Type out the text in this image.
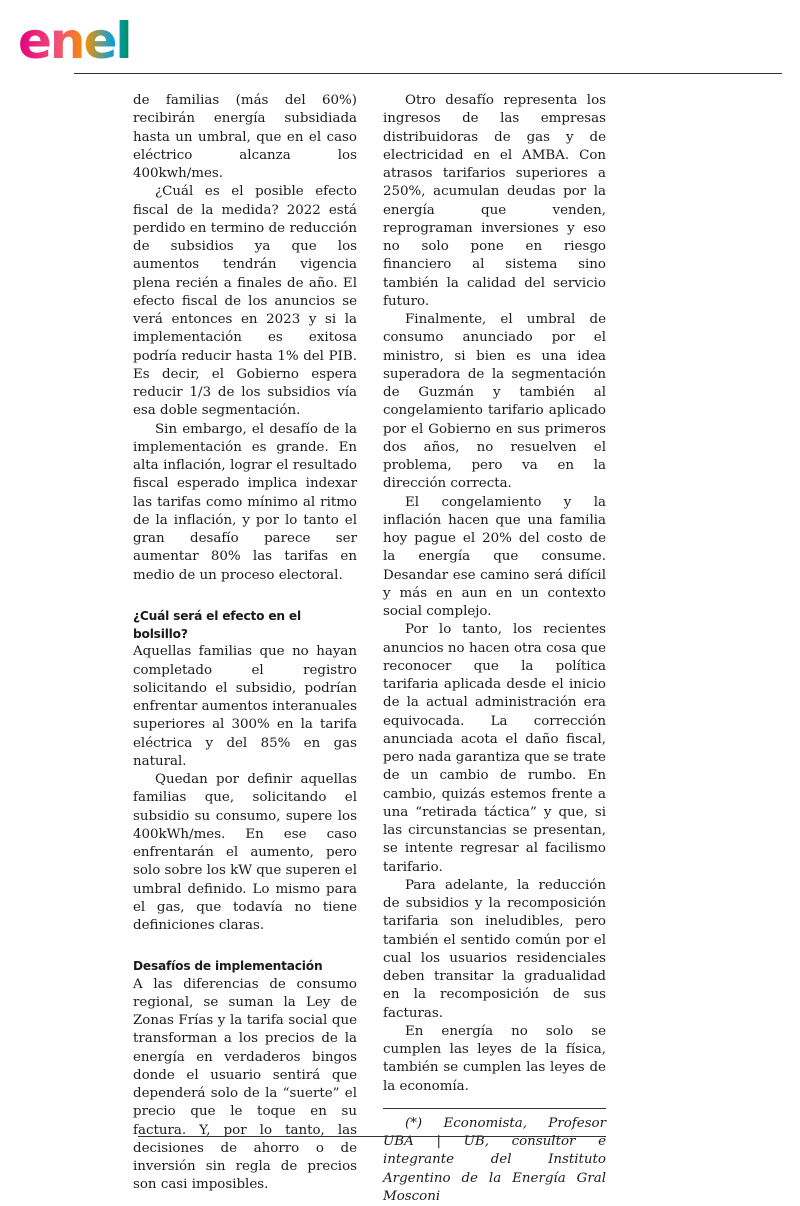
enel

de familias (más del 60%) recibirán energía subsidiada hasta un umbral, que en el caso eléctrico alcanza los 400kwh/mes.

¿Cuál es el posible efecto fiscal de la medida? 2022 está perdido en termino de reducción de subsidios ya que los aumentos tendrán vigencia plena recién a finales de año. El efecto fiscal de los anuncios se verá entonces en 2023 y si la implementación es exitosa podría reducir hasta 1% del PIB. Es decir, el Gobierno espera reducir 1/3 de los subsidios vía esa doble segmentación.

Sin embargo, el desafío de la implementación es grande. En alta inflación, lograr el resultado fiscal esperado implica indexar las tarifas como mínimo al ritmo de la inflación, y por lo tanto el gran desafío parece ser aumentar 80% las tarifas en medio de un proceso electoral.

¿Cuál será el efecto en el bolsillo?

Aquellas familias que no hayan completado el registro solicitando el subsidio, podrían enfrentar aumentos interanuales superiores al 300% en la tarifa eléctrica y del 85% en gas natural.

Quedan por definir aquellas familias que, solicitando el subsidio su consumo, supere los 400kWh/mes. En ese caso enfrentarán el aumento, pero solo sobre los kW que superen el umbral definido. Lo mismo para el gas, que todavía no tiene definiciones claras.

Desafíos de implementación

A las diferencias de consumo regional, se suman la Ley de Zonas Frías y la tarifa social que transforman a los precios de la energía en verdaderos bingos donde el usuario sentirá que dependerá solo de la “suerte” el precio que le toque en su factura. Y, por lo tanto, las decisiones de ahorro o de inversión sin regla de precios son casi imposibles.

Otro desafío representa los ingresos de las empresas distribuidoras de gas y de electricidad en el AMBA. Con atrasos tarifarios superiores a 250%, acumulan deudas por la energía que venden, reprograman inversiones y eso no solo pone en riesgo financiero al sistema sino también la calidad del servicio futuro.

Finalmente, el umbral de consumo anunciado por el ministro, si bien es una idea superadora de la segmentación de Guzmán y también al congelamiento tarifario aplicado por el Gobierno en sus primeros dos años, no resuelven el problema, pero va en la dirección correcta.

El congelamiento y la inflación hacen que una familia hoy pague el 20% del costo de la energía que consume. Desandar ese camino será difícil y más en aun en un contexto social complejo.

Por lo tanto, los recientes anuncios no hacen otra cosa que reconocer que la política tarifaria aplicada desde el inicio de la actual administración era equivocada. La corrección anunciada acota el daño fiscal, pero nada garantiza que se trate de un cambio de rumbo. En cambio, quizás estemos frente a una “retirada táctica” y que, si las circunstancias se presentan, se intente regresar al facilismo tarifario.

Para adelante, la reducción de subsidios y la recomposición tarifaria son ineludibles, pero también el sentido común por el cual los usuarios residenciales deben transitar la gradualidad en la recomposición de sus facturas.

En energía no solo se cumplen las leyes de la física, también se cumplen las leyes de la economía.

(*) Economista, Profesor UBA | UB, consultor e integrante del Instituto Argentino de la Energía Gral Mosconi
